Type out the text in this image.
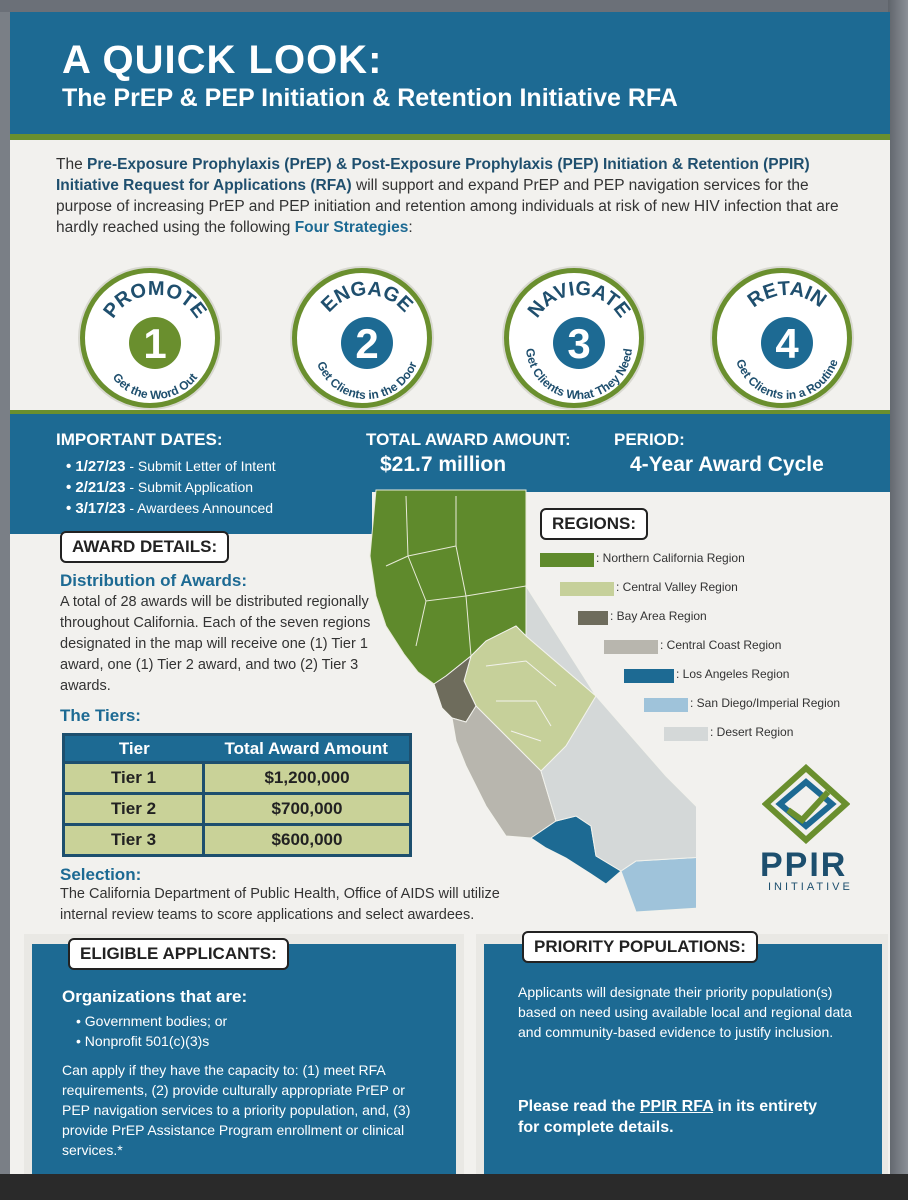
A QUICK LOOK:
The PrEP & PEP Initiation & Retention Initiative RFA
The Pre-Exposure Prophylaxis (PrEP) & Post-Exposure Prophylaxis (PEP) Initiation & Retention (PPIR) Initiative Request for Applications (RFA) will support and expand PrEP and PEP navigation services for the purpose of increasing PrEP and PEP initiation and retention among individuals at risk of new HIV infection that are hardly reached using the following Four Strategies:
1
PROMOTE
Get the Word Out
2
ENGAGE
Get Clients in the Door	3
NAVIGATE
Get Clients What They Need	4
RETAIN
Get Clients in a Routine
IMPORTANT DATES:
• 1/27/23 - Submit Letter of Intent
• 2/21/23 - Submit Application
• 3/17/23 - Awardees Announced
TOTAL AWARD AMOUNT:
$21.7 million
PERIOD:
4-Year Award Cycle
AWARD DETAILS:
Distribution of Awards:
A total of 28 awards will be distributed regionally throughout California. Each of the seven regions designated in the map will receive one (1) Tier 1 award, one (1) Tier 2 award, and two (2) Tier 3 awards.
The Tiers:
Tier	Total Award Amount
Tier 1	$1,200,000
Tier 2	$700,000
Tier 3	$600,000
Selection:
The California Department of Public Health, Office of AIDS will utilize internal review teams to score applications and select awardees.
REGIONS:
: Northern California Region
: Central Valley Region
: Bay Area Region
: Central Coast Region
: Los Angeles Region
: San Diego/Imperial Region
: Desert Region
PPIR
INITIATIVE
ELIGIBLE APPLICANTS:
Organizations that are:
• Government bodies; or
• Nonprofit 501(c)(3)s
Can apply if they have the capacity to: (1) meet RFA requirements, (2) provide culturally appropriate PrEP or PEP navigation services to a priority population, and, (3) provide PrEP Assistance Program enrollment or clinical services.*
PRIORITY POPULATIONS:
Applicants will designate their priority population(s) based on need using available local and regional data and community-based evidence to justify inclusion.
Please read the PPIR RFA in its entirety for complete details.
